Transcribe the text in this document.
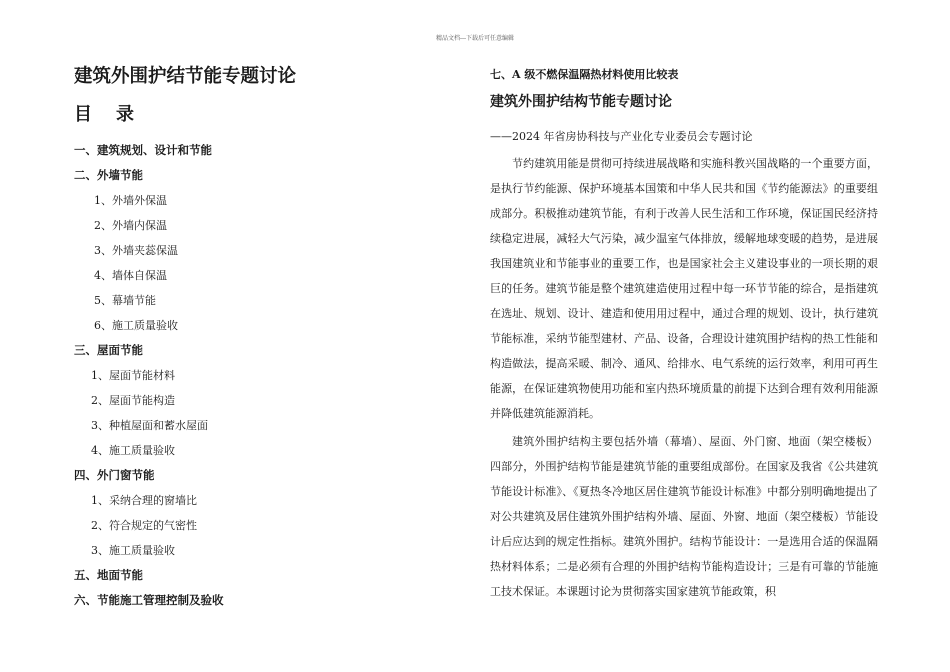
精品文档---下载后可任意编辑
建筑外围护结节能专题讨论
目 录
一、建筑规划、设计和节能
二、外墙节能
1、外墙外保温
2、外墙内保温
3、外墙夹蕊保温
4、墙体自保温
5、幕墙节能
6、施工质量验收
三、屋面节能
1、屋面节能材料
2、屋面节能构造
3、种植屋面和蓄水屋面
4、施工质量验收
四、外门窗节能
1、采纳合理的窗墙比
2、符合规定的气密性
3、施工质量验收
五、地面节能
六、节能施工管理控制及验收
七、A 级不燃保温隔热材料使用比较表
建筑外围护结构节能专题讨论
——2024 年省房协科技与产业化专业委员会专题讨论

节约建筑用能是贯彻可持续进展战略和实施科教兴国战略的一个重要方面，是执行节约能源、保护环境基本国策和中华人民共和国《节约能源法》的重要组成部分。积极推动建筑节能，有利于改善人民生活和工作环境，保证国民经济持续稳定进展，减轻大气污染，减少温室气体排放，缓解地球变暖的趋势，是进展我国建筑业和节能事业的重要工作，也是国家社会主义建设事业的一项长期的艰巨的任务。建筑节能是整个建筑建造使用过程中每一环节节能的综合，是指建筑在选址、规划、设计、建造和使用用过程中，通过合理的规划、设计，执行建筑节能标准，采纳节能型建材、产品、设备，合理设计建筑围护结构的热工性能和构造做法，提高采暖、制冷、通风、给排水、电气系统的运行效率，利用可再生能源，在保证建筑物使用功能和室内热环境质量的前提下达到合理有效利用能源并降低建筑能源消耗。

建筑外围护结构主要包括外墙（幕墙）、屋面、外门窗、地面（架空楼板）四部分，外围护结构节能是建筑节能的重要组成部份。在国家及我省《公共建筑节能设计标准》、《夏热冬冷地区居住建筑节能设计标准》中都分别明确地提出了对公共建筑及居住建筑外围护结构外墙、屋面、外窗、地面（架空楼板）节能设计后应达到的规定性指标。建筑外围护。结构节能设计：一是选用合适的保温隔热材料体系；二是必须有合理的外围护结构节能构造设计；三是有可靠的节能施工技术保证。本课题讨论为贯彻落实国家建筑节能政策，积
